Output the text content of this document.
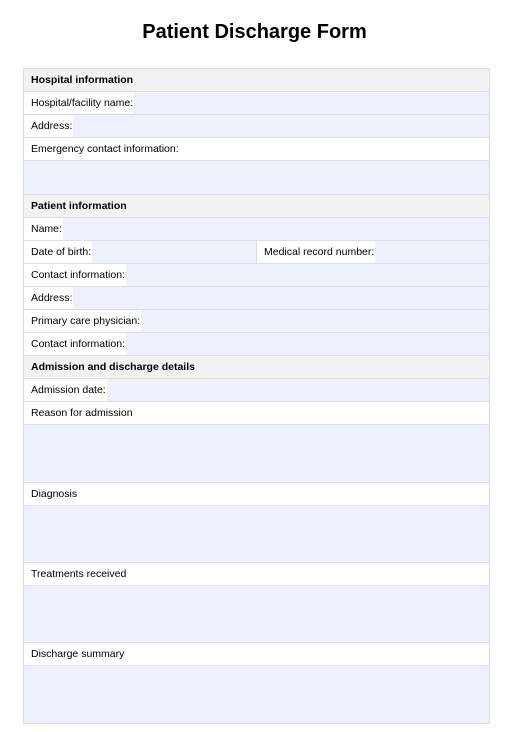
Patient Discharge Form
Hospital information
Hospital/facility name:
Address:
Emergency contact information:
Patient information
Name:
Date of birth:	Medical record number:
Contact information:
Address:
Primary care physician:
Contact information:
Admission and discharge details
Admission date:
Reason for admission
Diagnosis
Treatments received
Discharge summary
